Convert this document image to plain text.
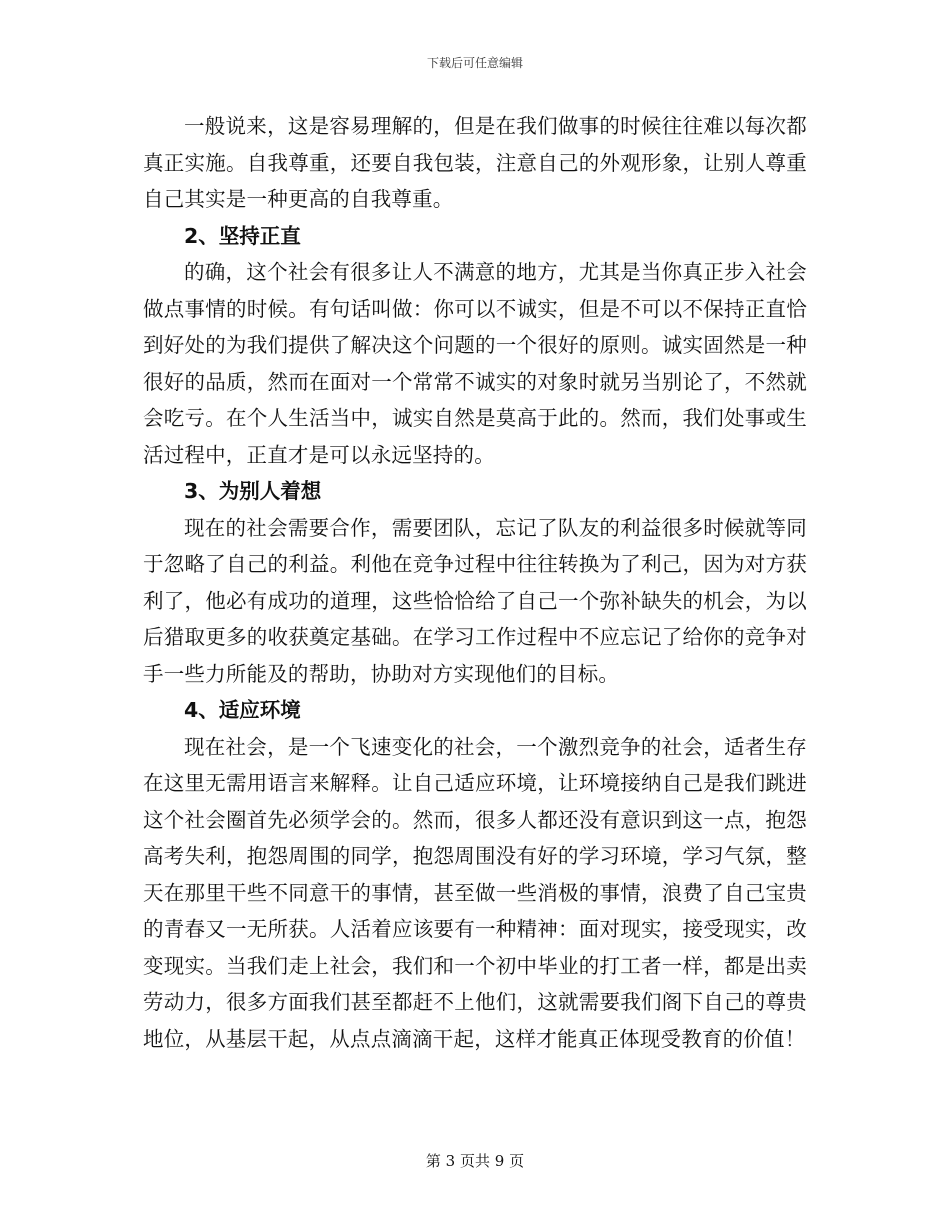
下载后可任意编辑

一般说来，这是容易理解的，但是在我们做事的时候往往难以每次都真正实施。自我尊重，还要自我包装，注意自己的外观形象，让别人尊重自己其实是一种更高的自我尊重。

2、坚持正直

的确，这个社会有很多让人不满意的地方，尤其是当你真正步入社会做点事情的时候。有句话叫做：你可以不诚实，但是不可以不保持正直恰到好处的为我们提供了解决这个问题的一个很好的原则。诚实固然是一种很好的品质，然而在面对一个常常不诚实的对象时就另当别论了，不然就会吃亏。在个人生活当中，诚实自然是莫高于此的。然而，我们处事或生活过程中，正直才是可以永远坚持的。

3、为别人着想

现在的社会需要合作，需要团队，忘记了队友的利益很多时候就等同于忽略了自己的利益。利他在竞争过程中往往转换为了利己，因为对方获利了，他必有成功的道理，这些恰恰给了自己一个弥补缺失的机会，为以后猎取更多的收获奠定基础。在学习工作过程中不应忘记了给你的竞争对手一些力所能及的帮助，协助对方实现他们的目标。

4、适应环境

现在社会，是一个飞速变化的社会，一个激烈竞争的社会，适者生存在这里无需用语言来解释。让自己适应环境，让环境接纳自己是我们跳进这个社会圈首先必须学会的。然而，很多人都还没有意识到这一点，抱怨高考失利，抱怨周围的同学，抱怨周围没有好的学习环境，学习气氛，整天在那里干些不同意干的事情，甚至做一些消极的事情，浪费了自己宝贵的青春又一无所获。人活着应该要有一种精神：面对现实，接受现实，改变现实。当我们走上社会，我们和一个初中毕业的打工者一样，都是出卖劳动力，很多方面我们甚至都赶不上他们，这就需要我们阁下自己的尊贵地位，从基层干起，从点点滴滴干起，这样才能真正体现受教育的价值！

第 3 页共 9 页
